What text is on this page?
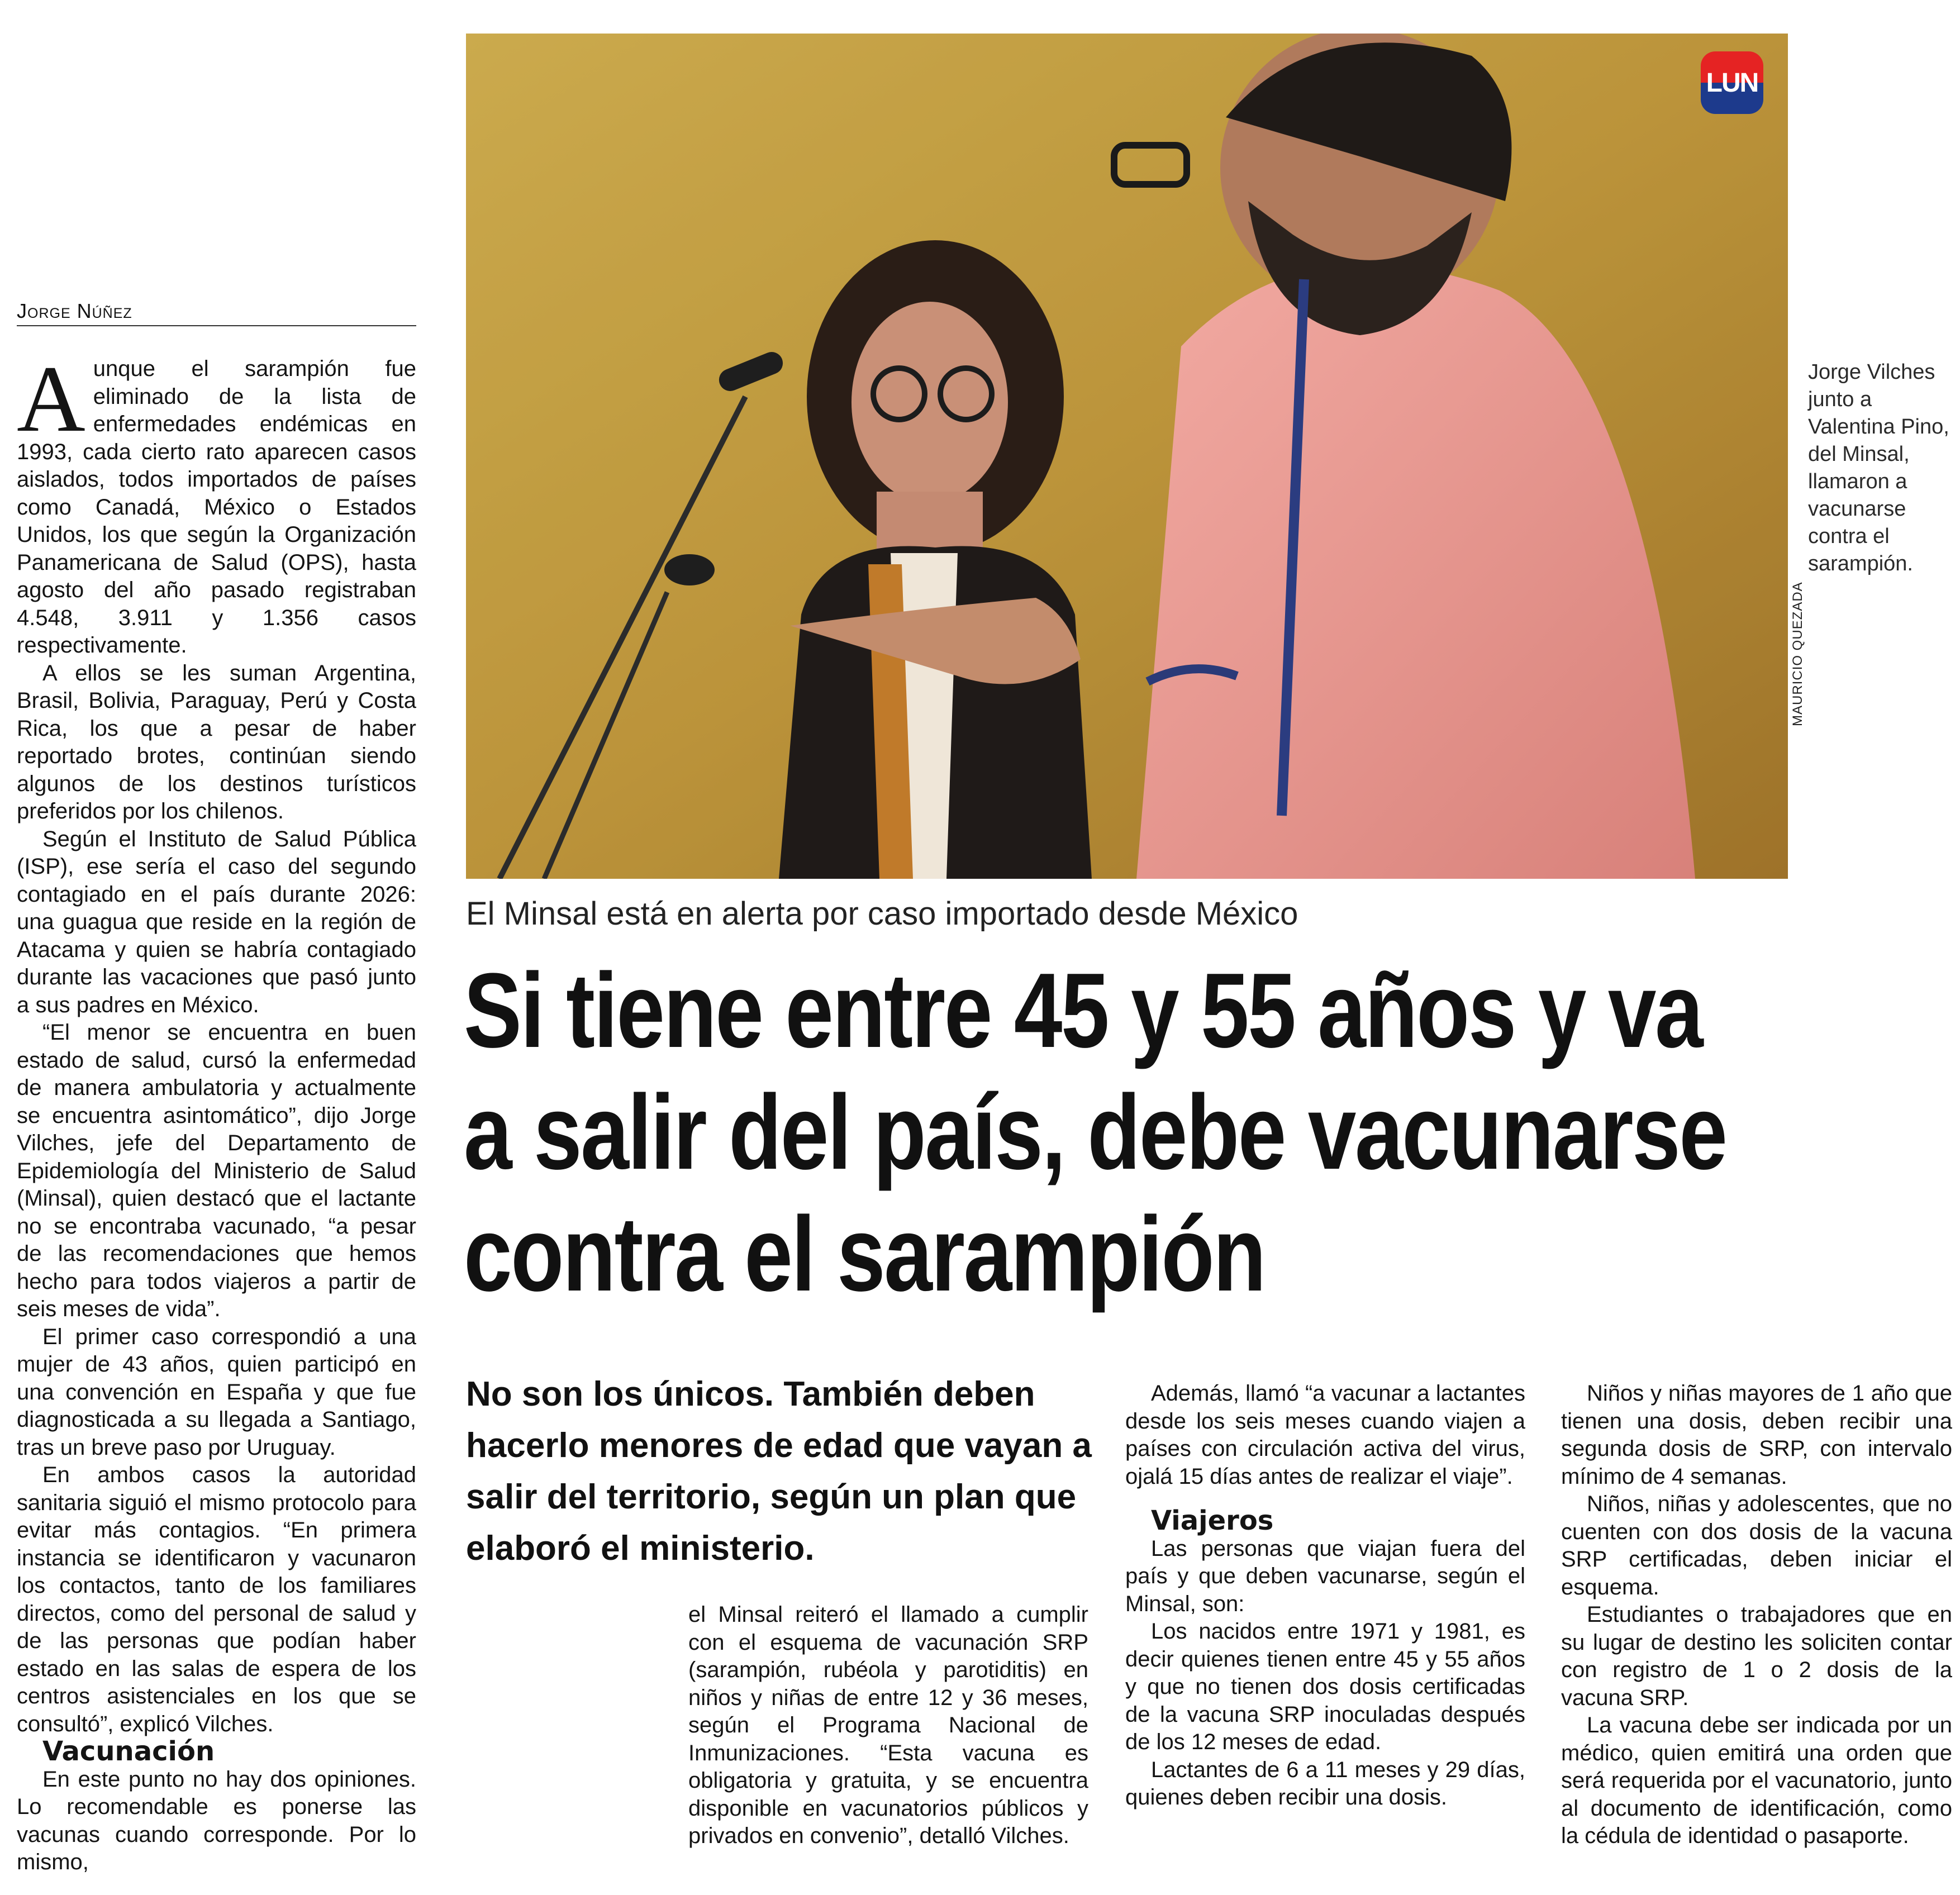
Jorge Núñez
A unque el sarampión fue eliminado de la lista de enfermedades endémicas en 1993, cada cierto rato aparecen casos aislados, todos importados de países como Canadá, México o Estados Unidos, los que según la Organización Panamericana de Salud (OPS), hasta agosto del año pasado registraban 4.548, 3.911 y 1.356 casos respectivamente.

A ellos se les suman Argentina, Brasil, Bolivia, Paraguay, Perú y Costa Rica, los que a pesar de haber reportado brotes, continúan siendo algunos de los destinos turísticos preferidos por los chilenos.

Según el Instituto de Salud Pública (ISP), ese sería el caso del segundo contagiado en el país durante 2026: una guagua que reside en la región de Atacama y quien se habría contagiado durante las vacaciones que pasó junto a sus padres en México.

“El menor se encuentra en buen estado de salud, cursó la enfermedad de manera ambulatoria y actualmente se encuentra asintomático”, dijo Jorge Vilches, jefe del Departamento de Epidemiología del Ministerio de Salud (Minsal), quien destacó que el lactante no se encontraba vacunado, “a pesar de las recomendaciones que hemos hecho para todos viajeros a partir de seis meses de vida”.

El primer caso correspondió a una mujer de 43 años, quien participó en una convención en España y que fue diagnosticada a su llegada a Santiago, tras un breve paso por Uruguay.

En ambos casos la autoridad sanitaria siguió el mismo protocolo para evitar más contagios. “En primera instancia se identificaron y vacunaron los contactos, tanto de los familiares directos, como del personal de salud y de las personas que podían haber estado en las salas de espera de los centros asistenciales en los que se consultó”, explicó Vilches.

Vacunación

En este punto no hay dos opiniones. Lo recomendable es ponerse las vacunas cuando corresponde. Por lo mismo,

LUN
MAURICIO QUEZADA
Jorge Vilches junto a Valentina Pino, del Minsal, llamaron a vacunarse contra el sarampión.
El Minsal está en alerta por caso importado desde México
Si tiene entre 45 y 55 años y va
a salir del país, debe vacunarse
contra el sarampión
No son los únicos. También deben hacerlo menores de edad que vayan a salir del territorio, según un plan que elaboró el ministerio.

el Minsal reiteró el llamado a cumplir con el esquema de vacunación SRP (sarampión, rubéola y parotiditis) en niños y niñas de entre 12 y 36 meses, según el Programa Nacional de Inmunizaciones. “Esta vacuna es obligatoria y gratuita, y se encuentra disponible en vacunatorios públicos y privados en convenio”, detalló Vilches.

Además, llamó “a vacunar a lactantes desde los seis meses cuando viajen a países con circulación activa del virus, ojalá 15 días antes de realizar el viaje”.

Viajeros

Las personas que viajan fuera del país y que deben vacunarse, según el Minsal, son:

Los nacidos entre 1971 y 1981, es decir quienes tienen entre 45 y 55 años y que no tienen dos dosis certificadas de la vacuna SRP inoculadas después de los 12 meses de edad.

Lactantes de 6 a 11 meses y 29 días, quienes deben recibir una dosis.

Niños y niñas mayores de 1 año que tienen una dosis, deben recibir una segunda dosis de SRP, con intervalo mínimo de 4 semanas.

Niños, niñas y adolescentes, que no cuenten con dos dosis de la vacuna SRP certificadas, deben iniciar el esquema.

Estudiantes o trabajadores que en su lugar de destino les soliciten contar con registro de 1 o 2 dosis de la vacuna SRP.

La vacuna debe ser indicada por un médico, quien emitirá una orden que será requerida por el vacunatorio, junto al documento de identificación, como la cédula de identidad o pasaporte.
